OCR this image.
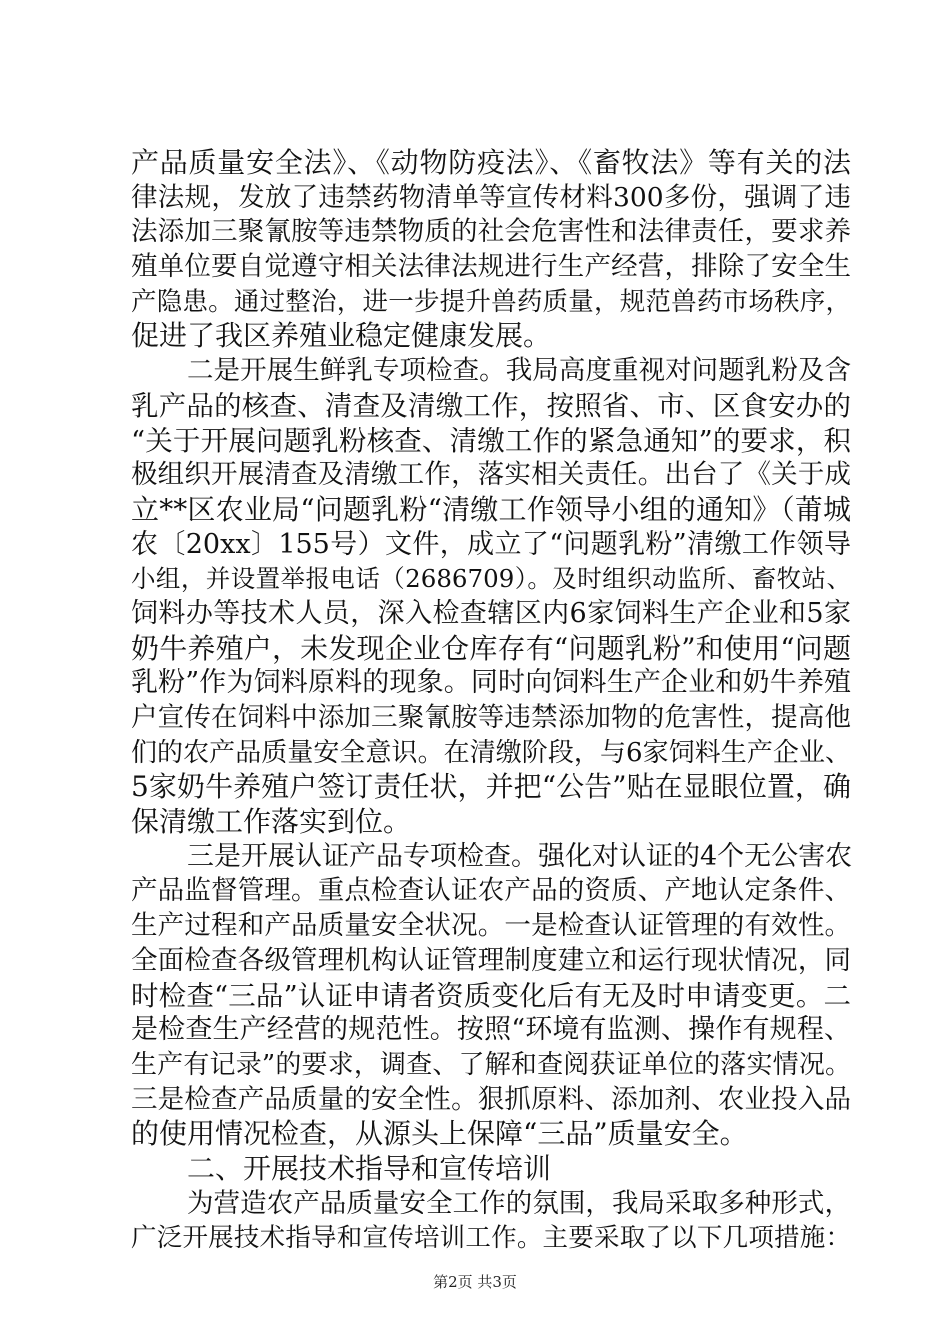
产品质量安全法》、《动物防疫法》、《畜牧法》等有关的法
律法规，发放了违禁药物清单等宣传材料300多份，强调了违
法添加三聚氰胺等违禁物质的社会危害性和法律责任，要求养
殖单位要自觉遵守相关法律法规进行生产经营，排除了安全生
产隐患。通过整治，进一步提升兽药质量，规范兽药市场秩序，
促进了我区养殖业稳定健康发展。
二是开展生鲜乳专项检查。我局高度重视对问题乳粉及含
乳产品的核查、清查及清缴工作，按照省、市、区食安办的
“关于开展问题乳粉核查、清缴工作的紧急通知”的要求，积
极组织开展清查及清缴工作，落实相关责任。出台了《关于成
立**区农业局“问题乳粉“清缴工作领导小组的通知》（莆城
农〔20xx〕155号）文件，成立了“问题乳粉”清缴工作领导
小组，并设置举报电话（2686709）。及时组织动监所、畜牧站、
饲料办等技术人员，深入检查辖区内6家饲料生产企业和5家
奶牛养殖户，未发现企业仓库存有“问题乳粉”和使用“问题
乳粉”作为饲料原料的现象。同时向饲料生产企业和奶牛养殖
户宣传在饲料中添加三聚氰胺等违禁添加物的危害性，提高他
们的农产品质量安全意识。在清缴阶段，与6家饲料生产企业、
5家奶牛养殖户签订责任状，并把“公告”贴在显眼位置，确
保清缴工作落实到位。
三是开展认证产品专项检查。强化对认证的4个无公害农
产品监督管理。重点检查认证农产品的资质、产地认定条件、
生产过程和产品质量安全状况。一是检查认证管理的有效性。
全面检查各级管理机构认证管理制度建立和运行现状情况，同
时检查“三品”认证申请者资质变化后有无及时申请变更。二
是检查生产经营的规范性。按照“环境有监测、操作有规程、
生产有记录”的要求，调查、了解和查阅获证单位的落实情况。
三是检查产品质量的安全性。狠抓原料、添加剂、农业投入品
的使用情况检查，从源头上保障“三品”质量安全。
二、开展技术指导和宣传培训
为营造农产品质量安全工作的氛围，我局采取多种形式，
广泛开展技术指导和宣传培训工作。主要采取了以下几项措施：
第2页 共3页
